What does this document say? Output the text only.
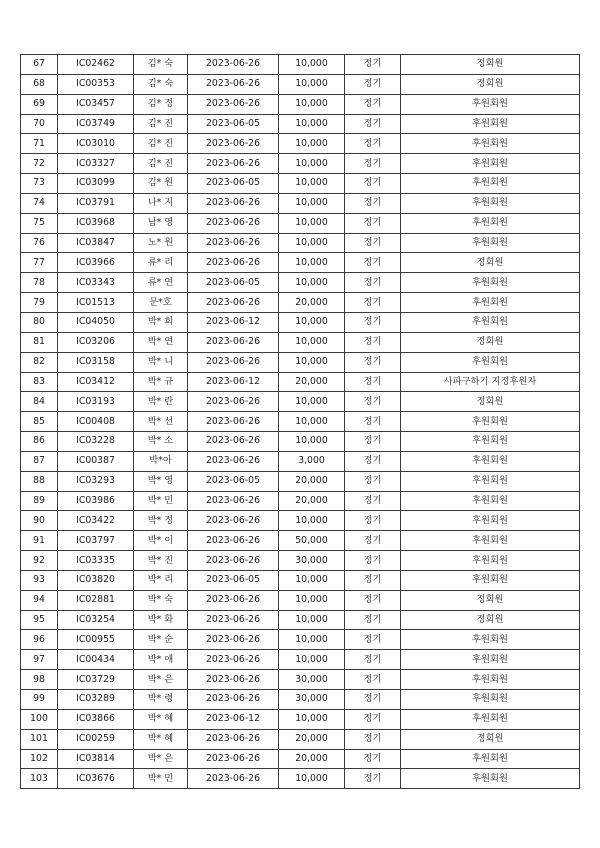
67	IC02462	김* 숙	2023-06-26	10,000	정기	정회원
68	IC00353	김* 숙	2023-06-26	10,000	정기	정회원
69	IC03457	김* 정	2023-06-26	10,000	정기	후원회원
70	IC03749	김* 진	2023-06-05	10,000	정기	후원회원
71	IC03010	김* 진	2023-06-26	10,000	정기	후원회원
72	IC03327	김* 진	2023-06-26	10,000	정기	후원회원
73	IC03099	김* 원	2023-06-05	10,000	정기	후원회원
74	IC03791	나* 지	2023-06-26	10,000	정기	후원회원
75	IC03968	남* 영	2023-06-26	10,000	정기	후원회원
76	IC03847	노* 원	2023-06-26	10,000	정기	후원회원
77	IC03966	류* 리	2023-06-26	10,000	정기	정회원
78	IC03343	류* 연	2023-06-05	10,000	정기	후원회원
79	IC01513	문*호	2023-06-26	20,000	정기	후원회원
80	IC04050	박* 희	2023-06-12	10,000	정기	후원회원
81	IC03206	박* 연	2023-06-26	10,000	정기	정회원
82	IC03158	박* 니	2023-06-26	10,000	정기	후원회원
83	IC03412	박* 규	2023-06-12	20,000	정기	사파구하기 지정후원자
84	IC03193	박* 란	2023-06-26	10,000	정기	정회원
85	IC00408	박* 선	2023-06-26	10,000	정기	후원회원
86	IC03228	박* 소	2023-06-26	10,000	정기	후원회원
87	IC00387	박*아	2023-06-26	3,000	정기	후원회원
88	IC03293	박* 영	2023-06-05	20,000	정기	후원회원
89	IC03986	박* 민	2023-06-26	20,000	정기	후원회원
90	IC03422	박* 정	2023-06-26	10,000	정기	후원회원
91	IC03797	박* 이	2023-06-26	50,000	정기	후원회원
92	IC03335	박* 진	2023-06-26	30,000	정기	후원회원
93	IC03820	박* 리	2023-06-05	10,000	정기	후원회원
94	IC02881	박* 숙	2023-06-26	10,000	정기	정회원
95	IC03254	박* 화	2023-06-26	10,000	정기	정회원
96	IC00955	박* 순	2023-06-26	10,000	정기	후원회원
97	IC00434	박* 애	2023-06-26	10,000	정기	후원회원
98	IC03729	박* 은	2023-06-26	30,000	정기	후원회원
99	IC03289	박* 령	2023-06-26	30,000	정기	후원회원
100	IC03866	박* 혜	2023-06-12	10,000	정기	후원회원
101	IC00259	박* 혜	2023-06-26	20,000	정기	정회원
102	IC03814	박* 은	2023-06-26	20,000	정기	후원회원
103	IC03676	박* 민	2023-06-26	10,000	정기	후원회원
